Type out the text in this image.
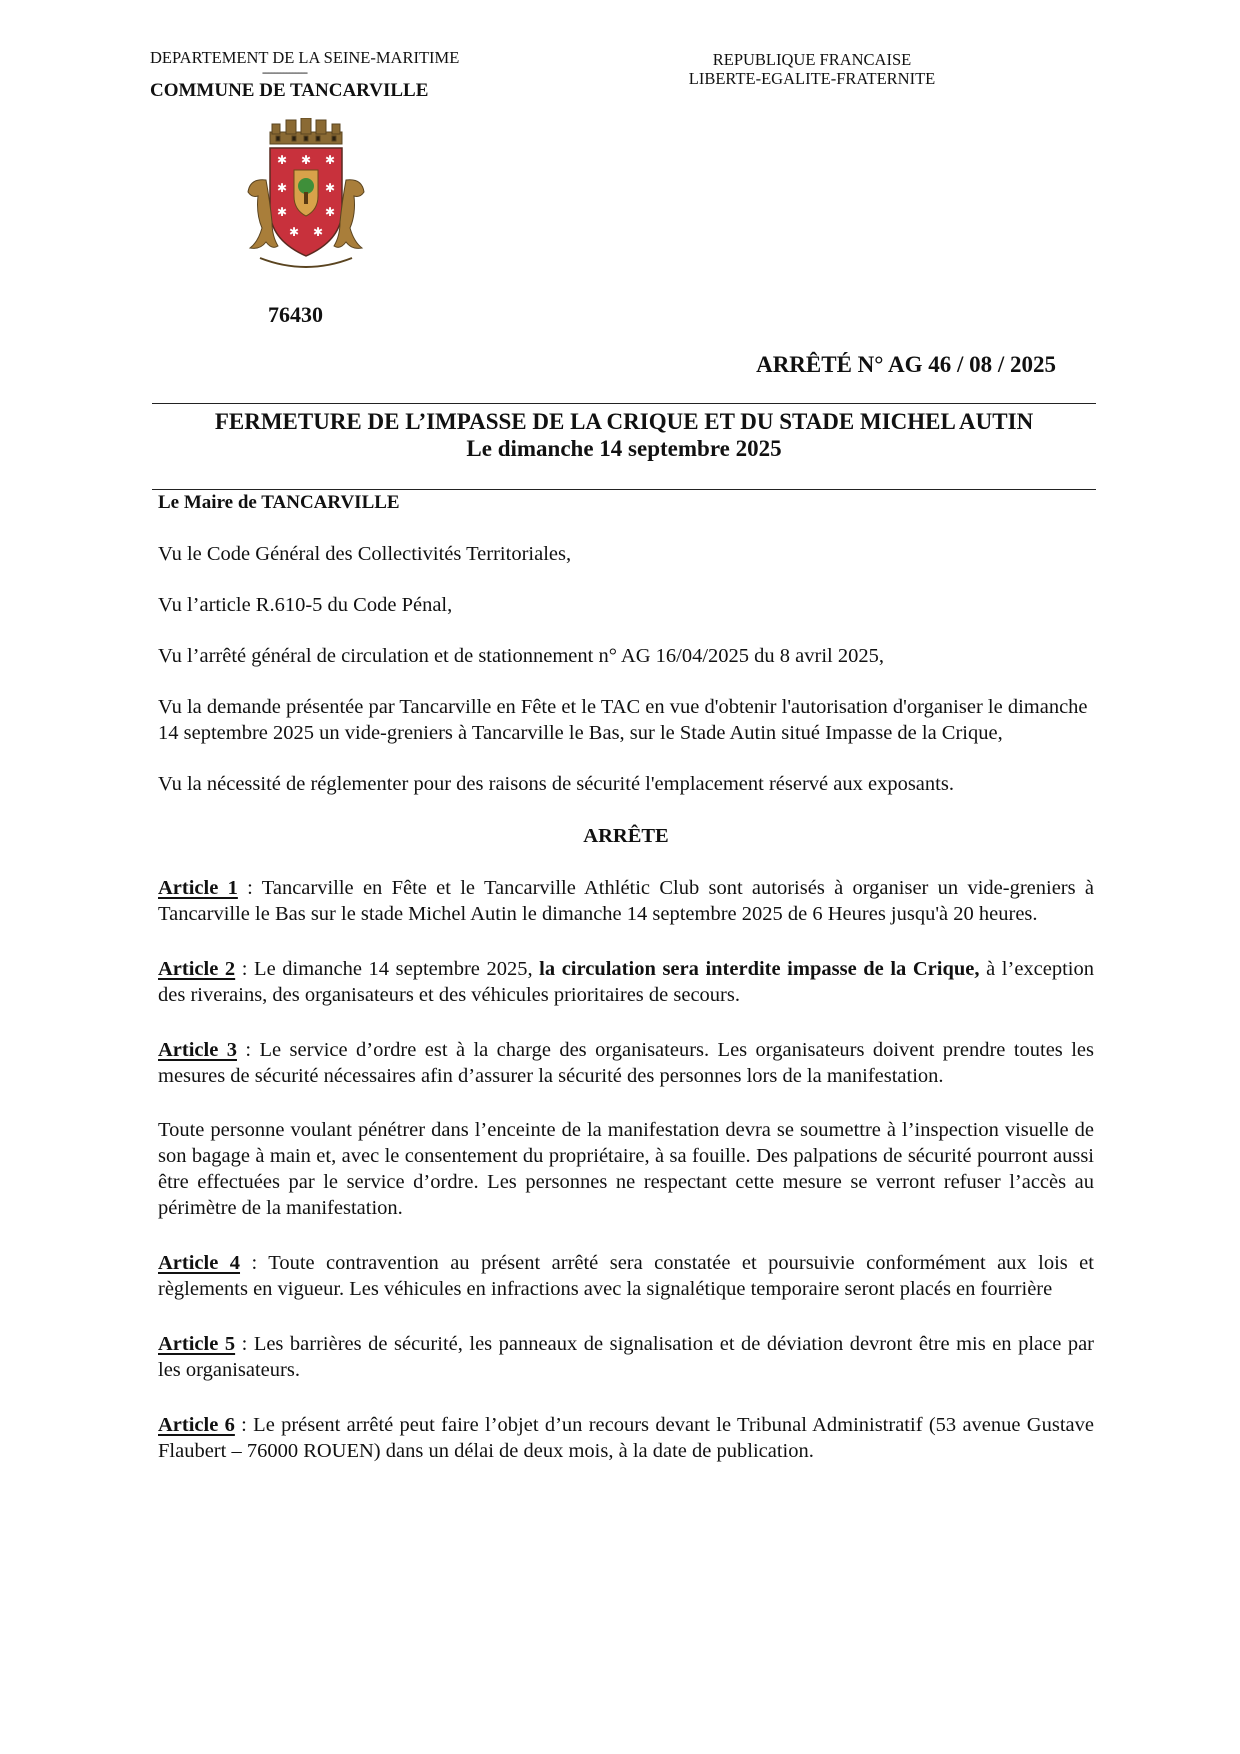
DEPARTEMENT DE LA SEINE-MARITIME
---------------
COMMUNE DE TANCARVILLE
REPUBLIQUE FRANCAISE
LIBERTE-EGALITE-FRATERNITE
✱ ✱ ✱
✱	✱
✱	✱
✱ ✱
76430
ARRÊTÉ N° AG 46 / 08 / 2025
FERMETURE DE L’IMPASSE DE LA CRIQUE ET DU STADE MICHEL AUTIN
Le dimanche 14 septembre 2025

Le Maire de TANCARVILLE

Vu le Code Général des Collectivités Territoriales,

Vu l’article R.610-5 du Code Pénal,

Vu l’arrêté général de circulation et de stationnement n° AG 16/04/2025 du 8 avril 2025,

Vu la demande présentée par Tancarville en Fête et le TAC en vue d'obtenir l'autorisation d'organiser le dimanche 14 septembre 2025 un vide-greniers à Tancarville le Bas, sur le Stade Autin situé Impasse de la Crique,

Vu la nécessité de réglementer pour des raisons de sécurité l'emplacement réservé aux exposants.

ARRÊTE

Article 1 : Tancarville en Fête et le Tancarville Athlétic Club sont autorisés à organiser un vide-greniers à Tancarville le Bas sur le stade Michel Autin le dimanche 14 septembre 2025 de 6 Heures jusqu'à 20 heures.

Article 2 : Le dimanche 14 septembre 2025, la circulation sera interdite impasse de la Crique, à l’exception des riverains, des organisateurs et des véhicules prioritaires de secours.

Article 3 : Le service d’ordre est à la charge des organisateurs. Les organisateurs doivent prendre toutes les mesures de sécurité nécessaires afin d’assurer la sécurité des personnes lors de la manifestation.

Toute personne voulant pénétrer dans l’enceinte de la manifestation devra se soumettre à l’inspection visuelle de son bagage à main et, avec le consentement du propriétaire, à sa fouille. Des palpations de sécurité pourront aussi être effectuées par le service d’ordre. Les personnes ne respectant cette mesure se verront refuser l’accès au périmètre de la manifestation.

Article 4 : Toute contravention au présent arrêté sera constatée et poursuivie conformément aux lois et règlements en vigueur. Les véhicules en infractions avec la signalétique temporaire seront placés en fourrière

Article 5 : Les barrières de sécurité, les panneaux de signalisation et de déviation devront être mis en place par les organisateurs.

Article 6 : Le présent arrêté peut faire l’objet d’un recours devant le Tribunal Administratif (53 avenue Gustave Flaubert – 76000 ROUEN) dans un délai de deux mois, à la date de publication.
